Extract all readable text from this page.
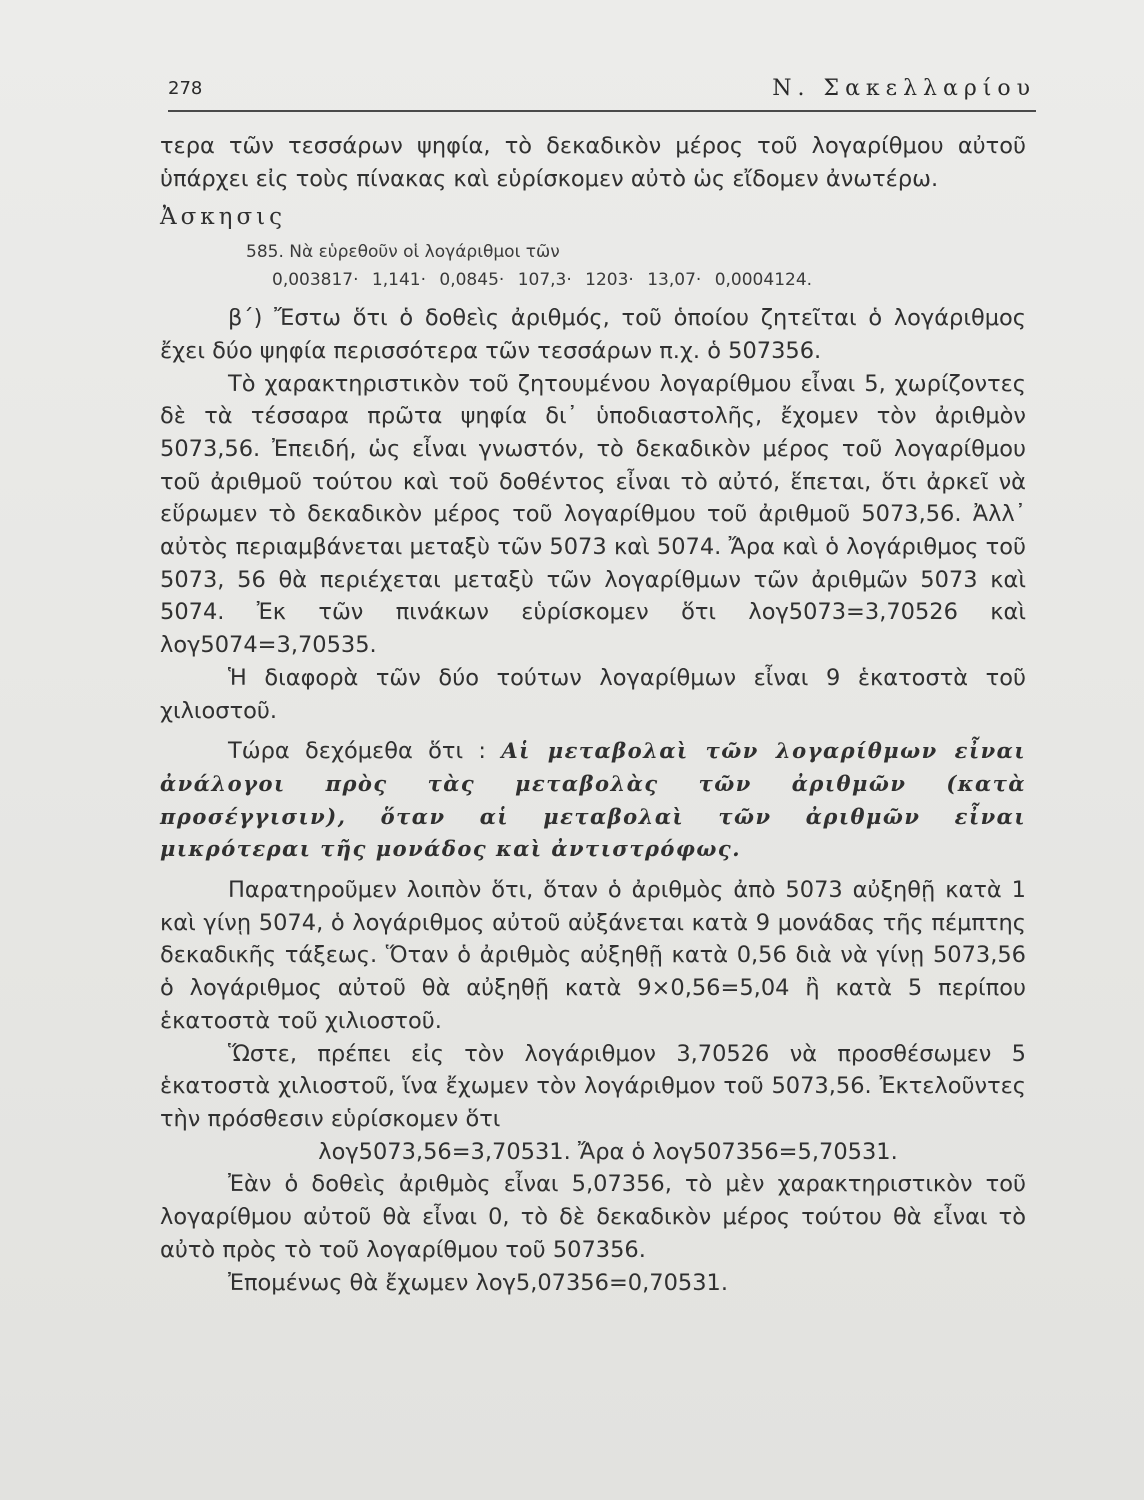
278	Ν. Σακελλαρίου

τερα τῶν τεσσάρων ψηφία, τὸ δεκαδικὸν μέρος τοῦ λογαρίθμου αὐτοῦ ὑπάρχει εἰς τοὺς πίνακας καὶ εὑρίσκομεν αὐτὸ ὡς εἴδομεν ἀνωτέρω.

Ἀσκησις

585. Νὰ εὑρεθοῦν οἱ λογάριθμοι τῶν
0,003817· 1,141· 0,0845· 107,3· 1203· 13,07· 0,0004124.

β΄) Ἔστω ὅτι ὁ δοθεὶς ἀριθμός, τοῦ ὁποίου ζητεῖται ὁ λογάριθμος ἔχει δύο ψηφία περισσότερα τῶν τεσσάρων π.χ. ὁ 507356.

Τὸ χαρακτηριστικὸν τοῦ ζητουμένου λογαρίθμου εἶναι 5, χωρίζοντες δὲ τὰ τέσσαρα πρῶτα ψηφία δι᾽ ὑποδιαστολῆς, ἔχομεν τὸν ἀριθμὸν 5073,56. Ἐπειδή, ὡς εἶναι γνωστόν, τὸ δεκαδικὸν μέρος τοῦ λογαρίθμου τοῦ ἀριθμοῦ τούτου καὶ τοῦ δοθέντος εἶναι τὸ αὐτό, ἕπεται, ὅτι ἀρκεῖ νὰ εὕρωμεν τὸ δεκαδικὸν μέρος τοῦ λογαρίθμου τοῦ ἀριθμοῦ 5073,56. Ἀλλ᾽ αὐτὸς περιαμβάνεται μεταξὺ τῶν 5073 καὶ 5074. Ἄρα καὶ ὁ λογάριθμος τοῦ 5073, 56 θὰ περιέχεται μεταξὺ τῶν λογαρίθμων τῶν ἀριθμῶν 5073 καὶ 5074. Ἐκ τῶν πινάκων εὑρίσκομεν ὅτι λογ5073=3,70526 καὶ λογ5074=3,70535.

Ἡ διαφορὰ τῶν δύο τούτων λογαρίθμων εἶναι 9 ἑκατοστὰ τοῦ χιλιοστοῦ.

Τώρα δεχόμεθα ὅτι : Αἱ μεταβολαὶ τῶν λογαρίθμων εἶναι ἀνάλογοι πρὸς τὰς μεταβολὰς τῶν ἀριθμῶν (κατὰ προσέγγισιν), ὅταν αἱ μεταβολαὶ τῶν ἀριθμῶν εἶναι μικρότεραι τῆς μονάδος καὶ ἀντιστρόφως.

Παρατηροῦμεν λοιπὸν ὅτι, ὅταν ὁ ἀριθμὸς ἀπὸ 5073 αὐξηθῇ κατὰ 1 καὶ γίνῃ 5074, ὁ λογάριθμος αὐτοῦ αὐξάνεται κατὰ 9 μονάδας τῆς πέμπτης δεκαδικῆς τάξεως. Ὅταν ὁ ἀριθμὸς αὐξηθῇ κατὰ 0,56 διὰ νὰ γίνῃ 5073,56 ὁ λογάριθμος αὐτοῦ θὰ αὐξηθῇ κατὰ 9×0,56=5,04 ἢ κατὰ 5 περίπου ἑκατοστὰ τοῦ χιλιοστοῦ.

Ὥστε, πρέπει εἰς τὸν λογάριθμον 3,70526 νὰ προσθέσωμεν 5 ἑκατοστὰ χιλιοστοῦ, ἵνα ἔχωμεν τὸν λογάριθμον τοῦ 5073,56. Ἐκτελοῦντες τὴν πρόσθεσιν εὑρίσκομεν ὅτι

λογ5073,56=3,70531. Ἄρα ὁ λογ507356=5,70531.

Ἐὰν ὁ δοθεὶς ἀριθμὸς εἶναι 5,07356, τὸ μὲν χαρακτηριστικὸν τοῦ λογαρίθμου αὐτοῦ θὰ εἶναι 0, τὸ δὲ δεκαδικὸν μέρος τούτου θὰ εἶναι τὸ αὐτὸ πρὸς τὸ τοῦ λογαρίθμου τοῦ 507356.

Ἐπομένως θὰ ἔχωμεν λογ5,07356=0,70531.
